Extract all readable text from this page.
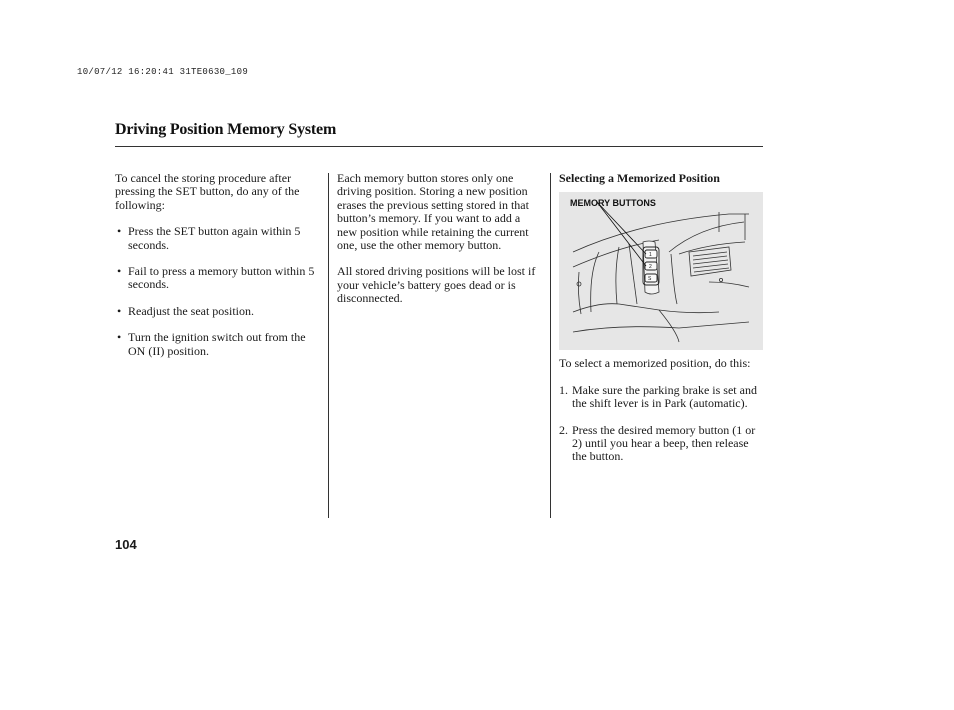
10/07/12 16:20:41 31TE0630_109
Driving Position Memory System

To cancel the storing procedure after pressing the SET button, do any of the following:

• Press the SET button again within 5 seconds.
• Fail to press a memory button within 5 seconds.
• Readjust the seat position.
• Turn the ignition switch out from the ON (II) position.

Each memory button stores only one driving position. Storing a new position erases the previous setting stored in that button’s memory. If you want to add a new position while retaining the current one, use the other memory button.

All stored driving positions will be lost if your vehicle’s battery goes dead or is disconnected.

Selecting a Memorized Position

1
2
S
MEMORY BUTTONS

To select a memorized position, do this:

1. Make sure the parking brake is set and the shift lever is in Park (automatic).
2. Press the desired memory button (1 or 2) until you hear a beep, then release the button.
104
